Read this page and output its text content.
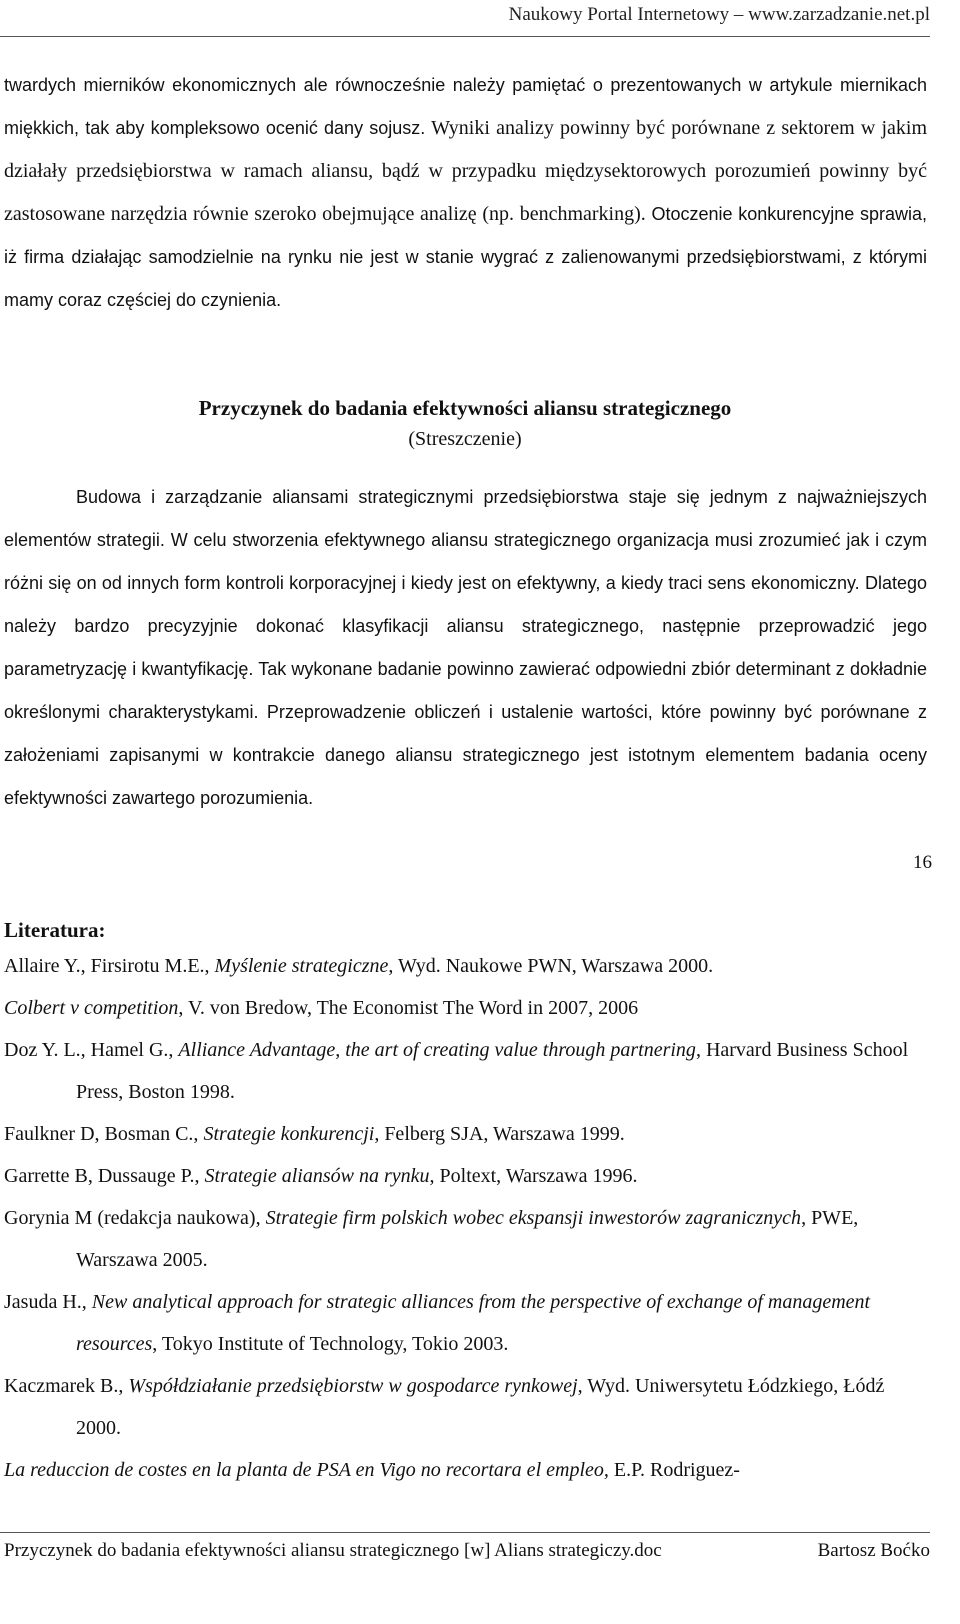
Naukowy Portal Internetowy – www.zarzadzanie.net.pl

twardych mierników ekonomicznych ale równocześnie należy pamiętać o prezentowanych w artykule miernikach miękkich, tak aby kompleksowo ocenić dany sojusz. Wyniki analizy powinny być porównane z sektorem w jakim działały przedsiębiorstwa w ramach aliansu, bądź w przypadku międzysektorowych porozumień powinny być zastosowane narzędzia równie szeroko obejmujące analizę (np. benchmarking). Otoczenie konkurencyjne sprawia, iż firma działając samodzielnie na rynku nie jest w stanie wygrać z zalienowanymi przedsiębiorstwami, z którymi mamy coraz częściej do czynienia.

Przyczynek do badania efektywności aliansu strategicznego
(Streszczenie)

Budowa i zarządzanie aliansami strategicznymi przedsiębiorstwa staje się jednym z najważniejszych elementów strategii. W celu stworzenia efektywnego aliansu strategicznego organizacja musi zrozumieć jak i czym różni się on od innych form kontroli korporacyjnej i kiedy jest on efektywny, a kiedy traci sens ekonomiczny. Dlatego należy bardzo precyzyjnie dokonać klasyfikacji aliansu strategicznego, następnie przeprowadzić jego parametryzację i kwantyfikację. Tak wykonane badanie powinno zawierać odpowiedni zbiór determinant z dokładnie określonymi charakterystykami. Przeprowadzenie obliczeń i ustalenie wartości, które powinny być porównane z założeniami zapisanymi w kontrakcie danego aliansu strategicznego jest istotnym elementem badania oceny efektywności zawartego porozumienia.

16
Literatura:
Allaire Y., Firsirotu M.E., Myślenie strategiczne, Wyd. Naukowe PWN, Warszawa 2000.
Colbert v competition, V. von Bredow, The Economist The Word in 2007, 2006
Doz Y. L., Hamel G., Alliance Advantage, the art of creating value through partnering, Harvard Business School Press, Boston 1998.
Faulkner D, Bosman C., Strategie konkurencji, Felberg SJA, Warszawa 1999.
Garrette B, Dussauge P., Strategie aliansów na rynku, Poltext, Warszawa 1996.
Gorynia M (redakcja naukowa), Strategie firm polskich wobec ekspansji inwestorów zagranicznych, PWE, Warszawa 2005.
Jasuda H., New analytical approach for strategic alliances from the perspective of exchange of management resources, Tokyo Institute of Technology, Tokio 2003.
Kaczmarek B., Współdziałanie przedsiębiorstw w gospodarce rynkowej, Wyd. Uniwersytetu Łódzkiego, Łódź 2000.
La reduccion de costes en la planta de PSA en Vigo no recortara el empleo, E.P. Rodriguez-
Przyczynek do badania efektywności aliansu strategicznego [w] Alians strategiczy.doc	Bartosz Boćko
